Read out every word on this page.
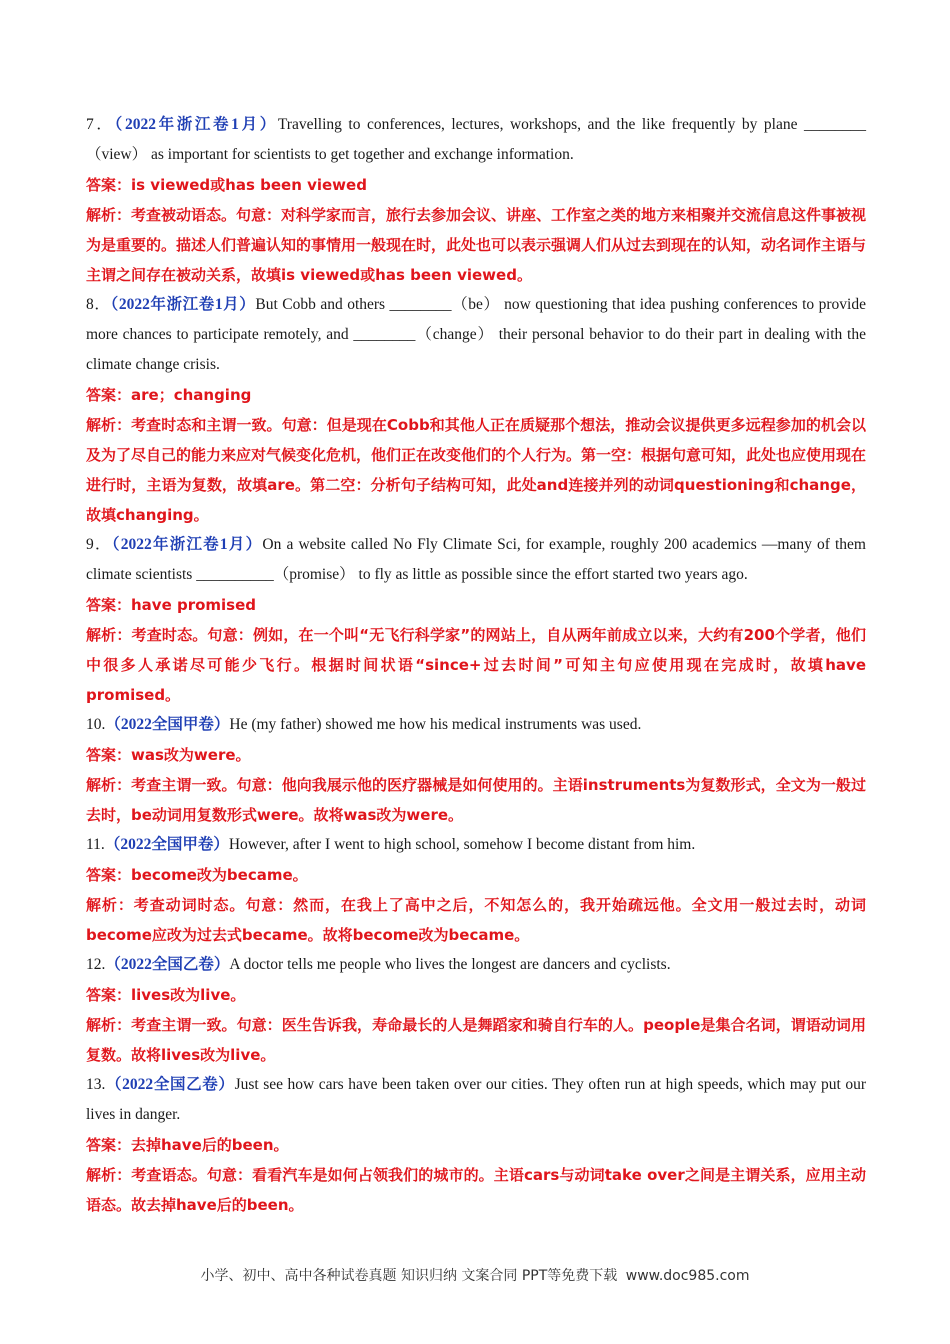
7．（2022年浙江卷1月）Travelling to conferences, lectures, workshops, and the like frequently by plane ________（view） as important for scientists to get together and exchange information.

答案：is viewed或has been viewed

解析：考查被动语态。句意：对科学家而言，旅行去参加会议、讲座、工作室之类的地方来相聚并交流信息这件事被视为是重要的。描述人们普遍认知的事情用一般现在时，此处也可以表示强调人们从过去到现在的认知，动名词作主语与主谓之间存在被动关系，故填is viewed或has been viewed。

8．（2022年浙江卷1月）But Cobb and others ________（be） now questioning that idea pushing conferences to provide more chances to participate remotely, and ________（change） their personal behavior to do their part in dealing with the climate change crisis.

答案：are；changing

解析：考查时态和主谓一致。句意：但是现在Cobb和其他人正在质疑那个想法，推动会议提供更多远程参加的机会以及为了尽自己的能力来应对气候变化危机，他们正在改变他们的个人行为。第一空：根据句意可知，此处也应使用现在进行时，主语为复数，故填are。第二空：分析句子结构可知，此处and连接并列的动词questioning和change，故填changing。

9．（2022年浙江卷1月）On a website called No Fly Climate Sci, for example, roughly 200 academics —many of them climate scientists __________（promise） to fly as little as possible since the effort started two years ago.

答案：have promised

解析：考查时态。句意：例如，在一个叫“无飞行科学家”的网站上，自从两年前成立以来，大约有200个学者，他们中很多人承诺尽可能少飞行。根据时间状语“since+过去时间”可知主句应使用现在完成时，故填have promised。

10.（2022全国甲卷）He (my father) showed me how his medical instruments was used.

答案：was改为were。

解析：考查主谓一致。句意：他向我展示他的医疗器械是如何使用的。主语instruments为复数形式，全文为一般过去时，be动词用复数形式were。故将was改为were。

11.（2022全国甲卷）However, after I went to high school, somehow I become distant from him.

答案：become改为became。

解析：考查动词时态。句意：然而，在我上了高中之后，不知怎么的，我开始疏远他。全文用一般过去时，动词become应改为过去式became。故将become改为became。

12.（2022全国乙卷）A doctor tells me people who lives the longest are dancers and cyclists.

答案：lives改为live。

解析：考查主谓一致。句意：医生告诉我，寿命最长的人是舞蹈家和骑自行车的人。people是集合名词，谓语动词用复数。故将lives改为live。

13.（2022全国乙卷）Just see how cars have been taken over our cities. They often run at high speeds, which may put our lives in danger.

答案：去掉have后的been。

解析：考查语态。句意：看看汽车是如何占领我们的城市的。主语cars与动词take over之间是主谓关系，应用主动语态。故去掉have后的been。

小学、初中、高中各种试卷真题 知识归纳 文案合同 PPT等免费下载 www.doc985.com
